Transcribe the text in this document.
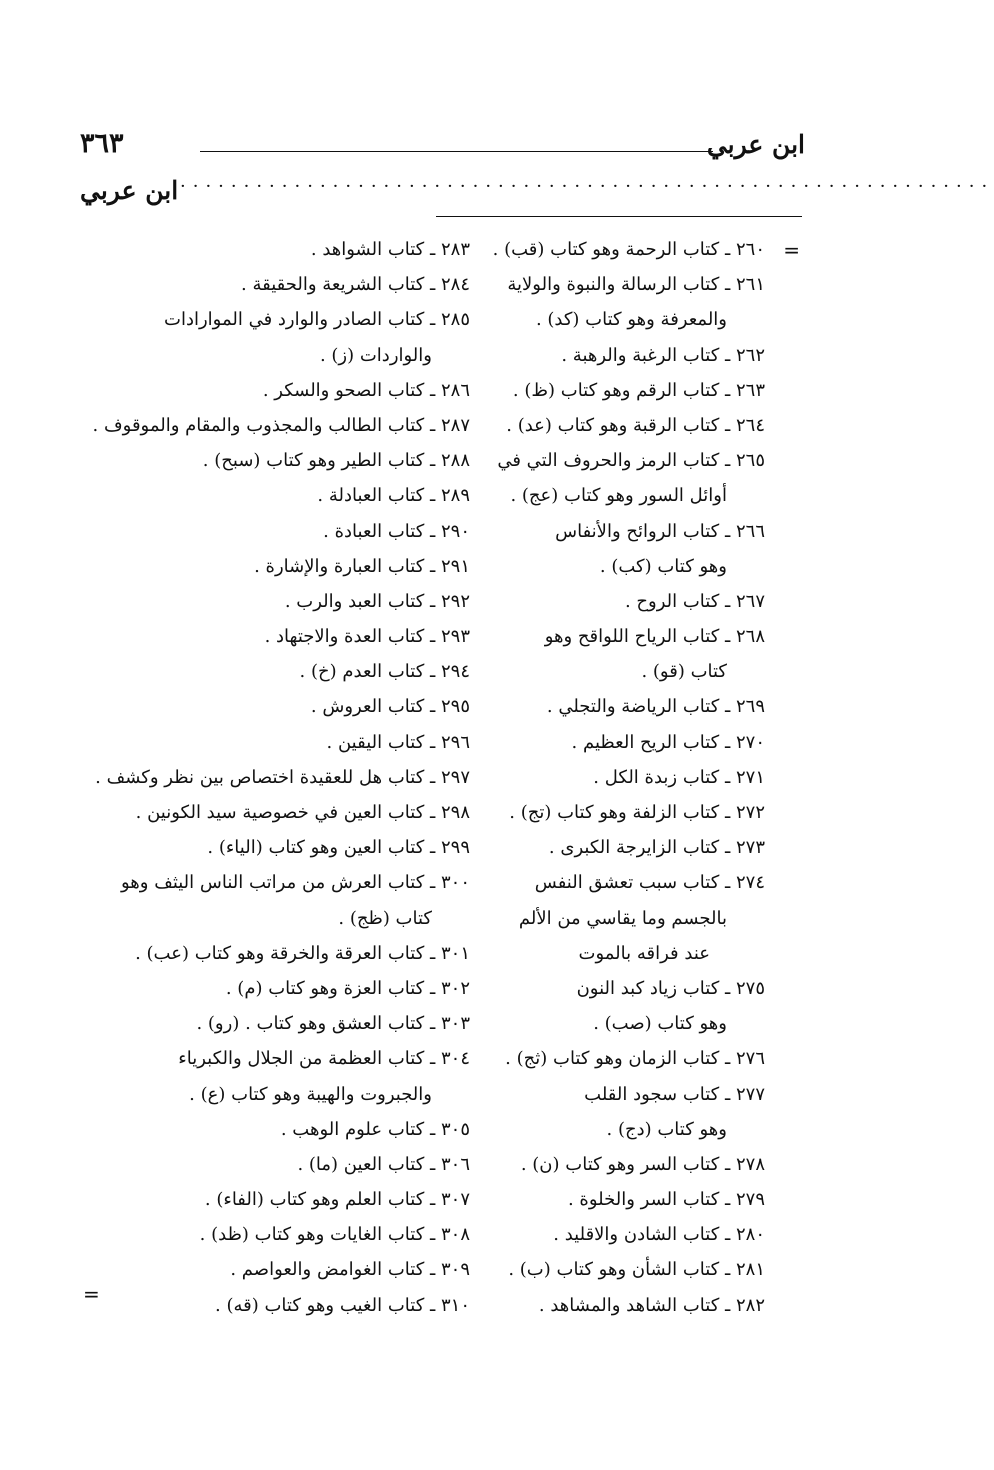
ابن عربي
٣٦٣
································································
ابن عربي
=
٢٦٠ ـ كتاب الرحمة وهو كتاب (قب) .
٢٦١ ـ كتاب الرسالة والنبوة والولاية
والمعرفة وهو كتاب (كد) .
٢٦٢ ـ كتاب الرغبة والرهبة .
٢٦٣ ـ كتاب الرقم وهو كتاب (ظ) .
٢٦٤ ـ كتاب الرقبة وهو كتاب (عد) .
٢٦٥ ـ كتاب الرمز والحروف التي في
أوائل السور وهو كتاب (عج) .
٢٦٦ ـ كتاب الروائح والأنفاس
وهو كتاب (كب) .
٢٦٧ ـ كتاب الروح .
٢٦٨ ـ كتاب الرياح اللواقح وهو
كتاب (قو) .
٢٦٩ ـ كتاب الرياضة والتجلي .
٢٧٠ ـ كتاب الريح العظيم .
٢٧١ ـ كتاب زبدة الكل .
٢٧٢ ـ كتاب الزلفة وهو كتاب (تج) .
٢٧٣ ـ كتاب الزايرجة الكبرى .
٢٧٤ ـ كتاب سبب تعشق النفس
بالجسم وما يقاسي من الألم
عند فراقه بالموت
٢٧٥ ـ كتاب زياد كبد النون
وهو كتاب (صب) .
٢٧٦ ـ كتاب الزمان وهو كتاب (ثج) .
٢٧٧ ـ كتاب سجود القلب
وهو كتاب (دج) .
٢٧٨ ـ كتاب السر وهو كتاب (ن) .
٢٧٩ ـ كتاب السر والخلوة .
٢٨٠ ـ كتاب الشادن والاقليد .
٢٨١ ـ كتاب الشأن وهو كتاب (ب) .
٢٨٢ ـ كتاب الشاهد والمشاهد .
٢٨٣ ـ كتاب الشواهد .
٢٨٤ ـ كتاب الشريعة والحقيقة .
٢٨٥ ـ كتاب الصادر والوارد في الموارادات
والواردات (ز) .
٢٨٦ ـ كتاب الصحو والسكر .
٢٨٧ ـ كتاب الطالب والمجذوب والمقام والموقوف .
٢٨٨ ـ كتاب الطير وهو كتاب (سبح) .
٢٨٩ ـ كتاب العبادلة .
٢٩٠ ـ كتاب العبادة .
٢٩١ ـ كتاب العبارة والإشارة .
٢٩٢ ـ كتاب العبد والرب .
٢٩٣ ـ كتاب العدة والاجتهاد .
٢٩٤ ـ كتاب العدم (خ) .
٢٩٥ ـ كتاب العروش .
٢٩٦ ـ كتاب اليقين .
٢٩٧ ـ كتاب هل للعقيدة اختصاص بين نظر وكشف .
٢٩٨ ـ كتاب العين في خصوصية سيد الكونين .
٢٩٩ ـ كتاب العين وهو كتاب (الياء) .
٣٠٠ ـ كتاب العرش من مراتب الناس اليثف وهو
كتاب (ظج) .
٣٠١ ـ كتاب العرقة والخرقة وهو كتاب (عب) .
٣٠٢ ـ كتاب العزة وهو كتاب (م) .
٣٠٣ ـ كتاب العشق وهو كتاب . (رو) .
٣٠٤ ـ كتاب العظمة من الجلال والكبرياء
والجبروت والهيبة وهو كتاب (ع) .
٣٠٥ ـ كتاب علوم الوهب .
٣٠٦ ـ كتاب العين (ما) .
٣٠٧ ـ كتاب العلم وهو كتاب (الفاء) .
٣٠٨ ـ كتاب الغايات وهو كتاب (ظد) .
٣٠٩ ـ كتاب الغوامض والعواصم .
٣١٠ ـ كتاب الغيب وهو كتاب (قه) .
=
